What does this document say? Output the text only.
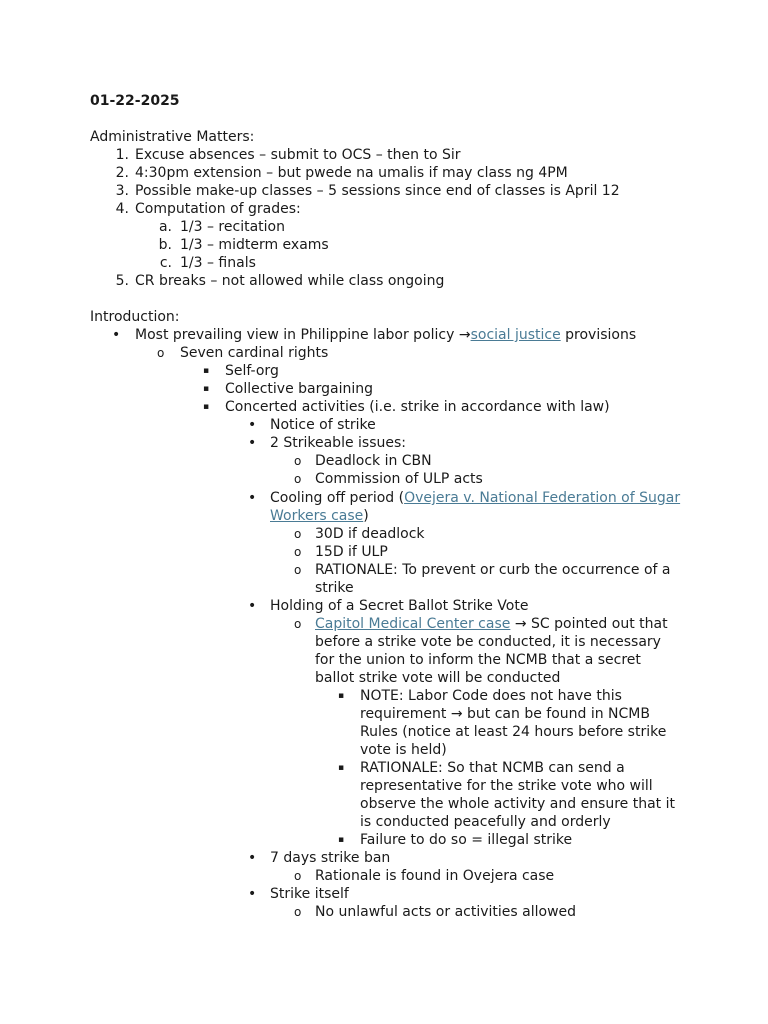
01-22-2025
Administrative Matters:
1. Excuse absences – submit to OCS – then to Sir
2. 4:30pm extension – but pwede na umalis if may class ng 4PM
3. Possible make-up classes – 5 sessions since end of classes is April 12
4. Computation of grades:
a. 1/3 – recitation
b. 1/3 – midterm exams
c. 1/3 – finals
5. CR breaks – not allowed while class ongoing
Introduction:
• Most prevailing view in Philippine labor policy →social justice provisions
o Seven cardinal rights
▪ Self-org
▪ Collective bargaining
▪ Concerted activities (i.e. strike in accordance with law)
• Notice of strike
• 2 Strikeable issues:
o Deadlock in CBN
o Commission of ULP acts
• Cooling off period (Ovejera v. National Federation of Sugar
Workers case)
o 30D if deadlock
o 15D if ULP
o RATIONALE: To prevent or curb the occurrence of a
strike
• Holding of a Secret Ballot Strike Vote
o Capitol Medical Center case → SC pointed out that
before a strike vote be conducted, it is necessary
for the union to inform the NCMB that a secret
ballot strike vote will be conducted
▪ NOTE: Labor Code does not have this
requirement → but can be found in NCMB
Rules (notice at least 24 hours before strike
vote is held)
▪ RATIONALE: So that NCMB can send a
representative for the strike vote who will
observe the whole activity and ensure that it
is conducted peacefully and orderly
▪ Failure to do so = illegal strike
• 7 days strike ban
o Rationale is found in Ovejera case
• Strike itself
o No unlawful acts or activities allowed
